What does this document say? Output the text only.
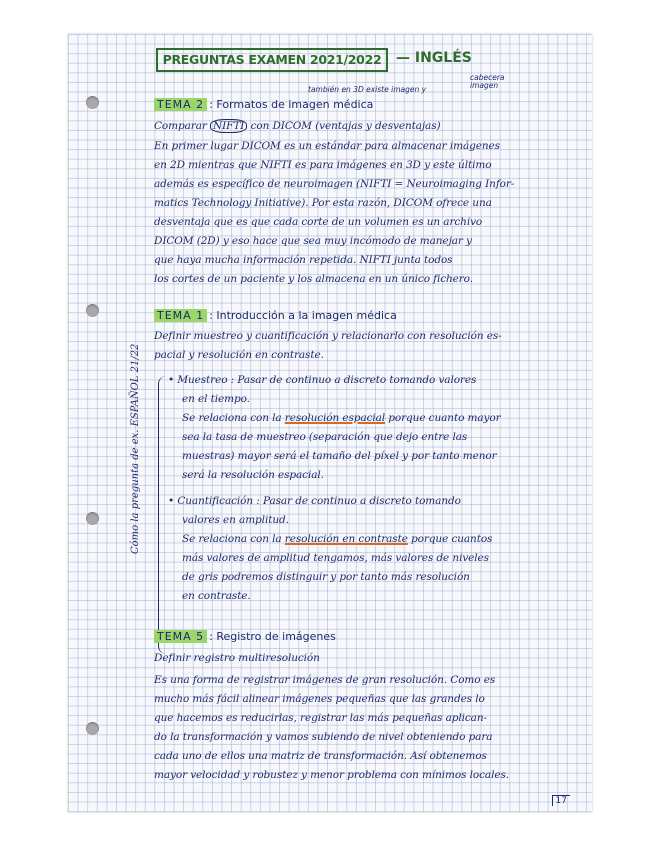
PREGUNTAS EXAMEN 2021/2022	— INGLÉS
también en 3D existe imagen y
cabecera imagen
TEMA 2 : Formatos de imagen médica
Comparar NIFTI con DICOM (ventajas y desventajas)
En primer lugar DICOM es un estándar para almacenar imágenes
en 2D mientras que NIFTI es para imágenes en 3D y este último
además es específico de neuroimagen (NIFTI = Neuroimaging Infor-
matics Technology Initiative). Por esta razón, DICOM ofrece una
desventaja que es que cada corte de un volumen es un archivo
DICOM (2D) y eso hace que sea muy incómodo de manejar y
que haya mucha información repetida. NIFTI junta todos
los cortes de un paciente y los almacena en un único fichero.
TEMA 1 : Introducción a la imagen médica
Definir muestreo y cuantificación y relacionarlo con resolución es-
pacial y resolución en contraste.
Cómo la pregunta de ex. ESPAÑOL 21/22	• Muestreo : Pasar de continuo a discreto tomando valores
en el tiempo.
Se relaciona con la resolución espacial porque cuanto mayor
sea la tasa de muestreo (separación que dejo entre las
muestras) mayor será el tamaño del píxel y por tanto menor
será la resolución espacial.
• Cuantificación : Pasar de continuo a discreto tomando
valores en amplitud.
Se relaciona con la resolución en contraste porque cuantos
más valores de amplitud tengamos, más valores de niveles
de gris podremos distinguir y por tanto más resolución
en contraste.
TEMA 5 : Registro de imágenes
Definir registro multiresolución
Es una forma de registrar imágenes de gran resolución. Como es
mucho más fácil alinear imágenes pequeñas que las grandes lo
que hacemos es reducirlas, registrar las más pequeñas aplican-
do la transformación y vamos subiendo de nivel obteniendo para
cada uno de ellos una matriz de transformación. Así obtenemos
mayor velocidad y robustez y menor problema con mínimos locales.
17
